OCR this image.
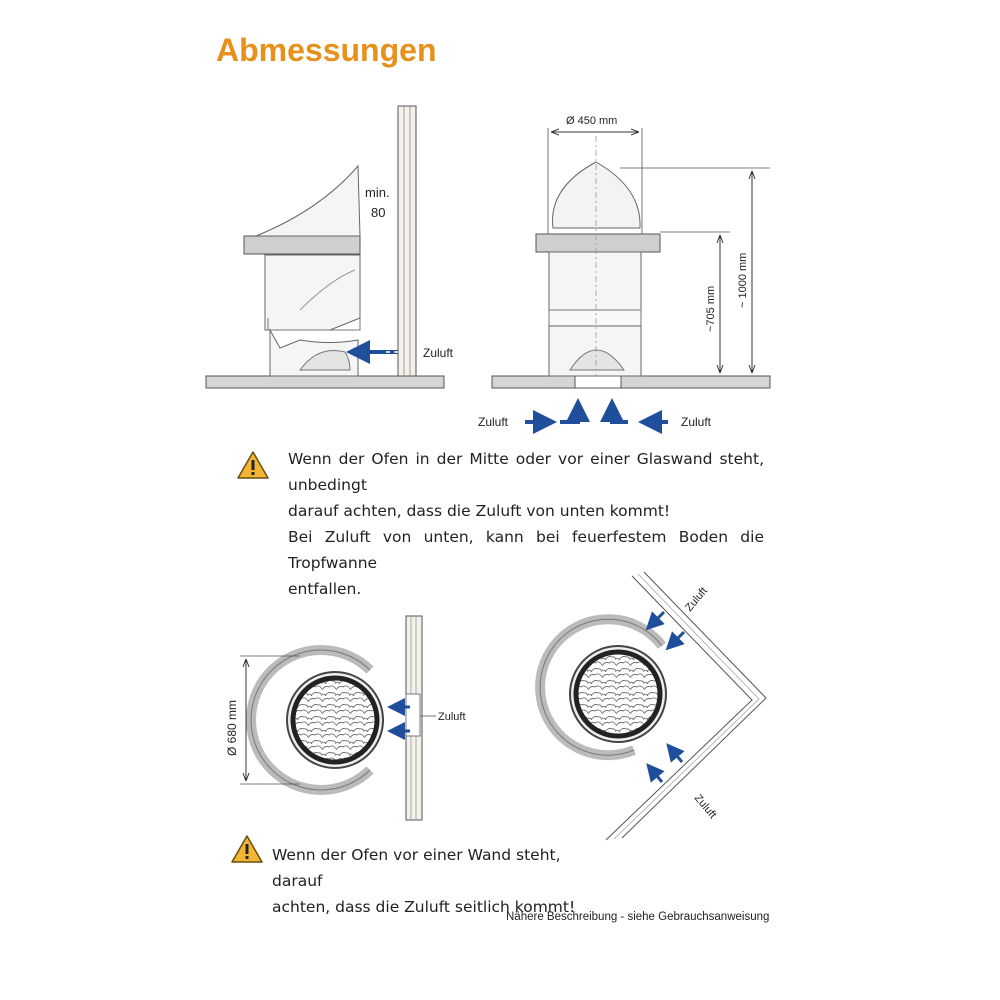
Abmessungen
min.
80
Zuluft
Ø 450 mm
~705 mm
~ 1000 mm
Zuluft	Zuluft
Ø 680 mm	Zuluft
Zuluft
Zuluft
Wenn der Ofen in der Mitte oder vor einer Glaswand steht, unbedingt
darauf achten, dass die Zuluft von unten kommt!
Bei Zuluft von unten, kann bei feuerfestem Boden die Tropfwanne
entfallen.
Wenn der Ofen vor einer Wand steht, darauf
achten, dass die Zuluft seitlich kommt!
Nähere Beschreibung - siehe Gebrauchsanweisung
